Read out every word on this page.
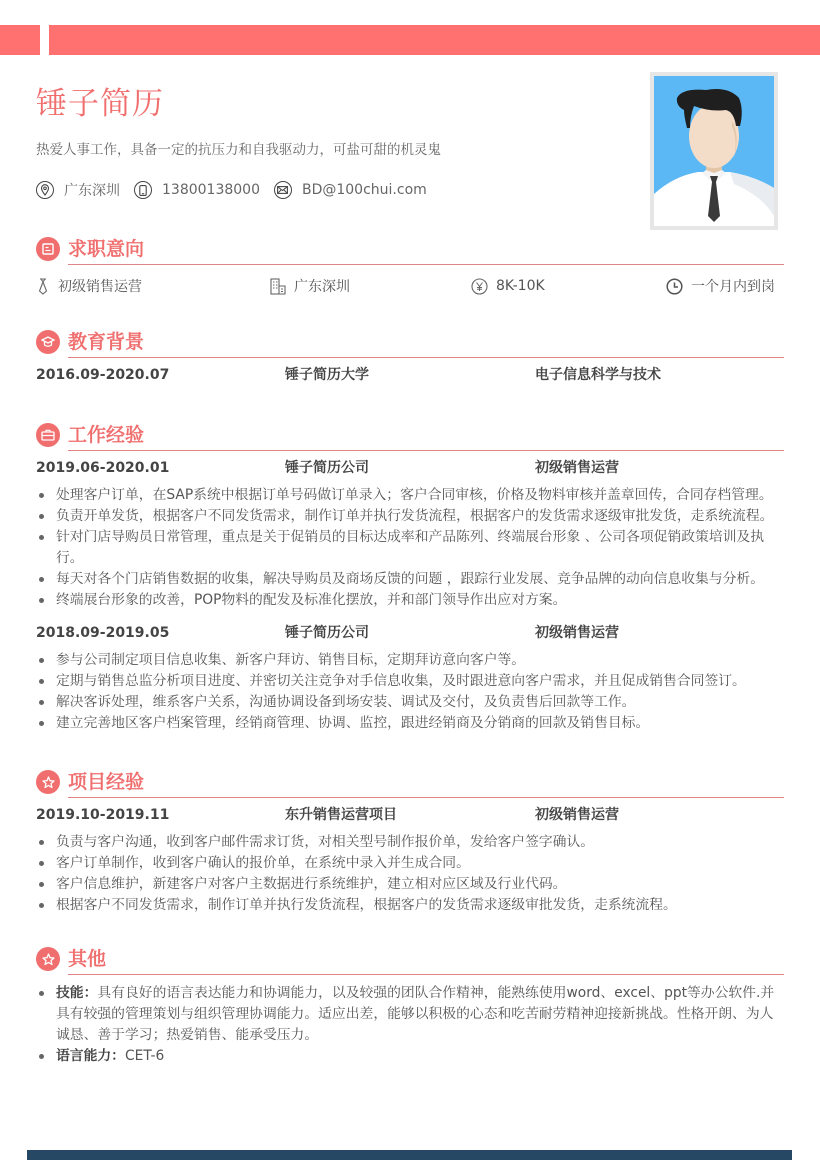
锤子简历
热爱人事工作，具备一定的抗压力和自我驱动力，可盐可甜的机灵鬼
广东深圳	13800138000	BD@100chui.com
求职意向
初级销售运营	广东深圳	8K-10K	一个月内到岗
教育背景
2016.09-2020.07	锤子简历大学	电子信息科学与技术
工作经验
2019.06-2020.01	锤子简历公司	初级销售运营
处理客户订单，在SAP系统中根据订单号码做订单录入；客户合同审核，价格及物料审核并盖章回传，合同存档管理。
负责开单发货，根据客户不同发货需求，制作订单并执行发货流程，根据客户的发货需求逐级审批发货，走系统流程。
针对门店导购员日常管理，重点是关于促销员的目标达成率和产品陈列、终端展台形象 、公司各项促销政策培训及执行。
每天对各个门店销售数据的收集，解决导购员及商场反馈的问题 ，跟踪行业发展、竞争品牌的动向信息收集与分析。
终端展台形象的改善，POP物料的配发及标准化摆放，并和部门领导作出应对方案。
2018.09-2019.05	锤子简历公司	初级销售运营
参与公司制定项目信息收集、新客户拜访、销售目标，定期拜访意向客户等。
定期与销售总监分析项目进度、并密切关注竞争对手信息收集，及时跟进意向客户需求，并且促成销售合同签订。
解决客诉处理，维系客户关系，沟通协调设备到场安装、调试及交付，及负责售后回款等工作。
建立完善地区客户档案管理，经销商管理、协调、监控，跟进经销商及分销商的回款及销售目标。
项目经验
2019.10-2019.11	东升销售运营项目	初级销售运营
负责与客户沟通，收到客户邮件需求订货，对相关型号制作报价单，发给客户签字确认。
客户订单制作，收到客户确认的报价单，在系统中录入并生成合同。
客户信息维护，新建客户对客户主数据进行系统维护，建立相对应区域及行业代码。
根据客户不同发货需求，制作订单并执行发货流程，根据客户的发货需求逐级审批发货，走系统流程。
其他
技能：具有良好的语言表达能力和协调能力，以及较强的团队合作精神，能熟练使用word、excel、ppt等办公软件.并具有较强的管理策划与组织管理协调能力。适应出差，能够以积极的心态和吃苦耐劳精神迎接新挑战。性格开朗、为人诚恳、善于学习；热爱销售、能承受压力。
语言能力：CET-6
